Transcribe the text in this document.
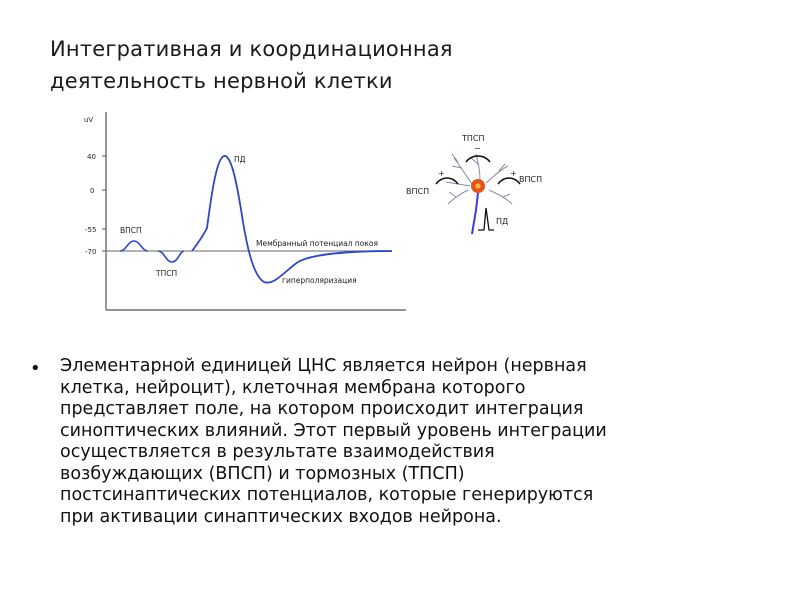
Интегративная и координационная
деятельность нервной клетки
uV
40
0
-55
-70
ВПСП
ТПСП
ПД
Мембранный потенциал покоя
гиперполяризация
−
+	+
ТПСП
ВПСП
ВПСП
ПД
• Элементарной единицей ЦНС является нейрон (нервная
клетка, нейроцит), клеточная мембрана которого
представляет поле, на котором происходит интеграция
синоптических влияний. Этот первый уровень интеграции
осуществляется в результате взаимодействия
возбуждающих (ВПСП) и тормозных (ТПСП)
постсинаптических потенциалов, которые генерируются
при активации синаптических входов нейрона.
